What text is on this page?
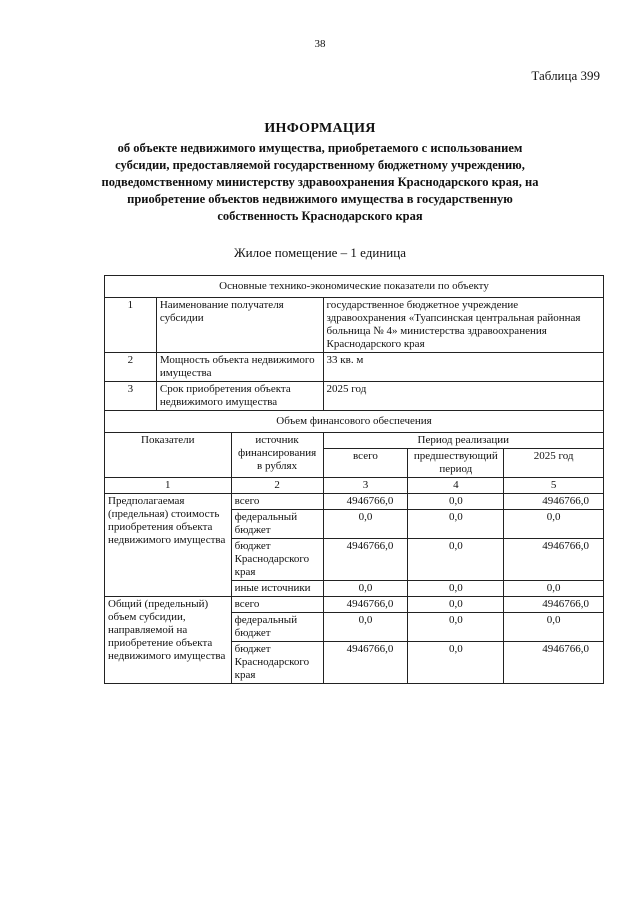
38
Таблица 399
ИНФОРМАЦИЯ
об объекте недвижимого имущества, приобретаемого с использованием субсидии, предоставляемой государственному бюджетному учреждению, подведомственному министерству здравоохранения Краснодарского края, на приобретение объектов недвижимого имущества в государственную собственность Краснодарского края
Жилое помещение – 1 единица
Основные технико-экономические показатели по объекту					
1	Наименование получателя субсидии		государственное бюджетное учреждение здравоохранения «Туапсинская центральная районная больница № 4» министерства здравоохранения Краснодарского края		
2	Мощность объекта недвижимого имущества		33 кв. м		
3	Срок приобретения объекта недвижимого имущества		2025 год		
Объем финансового обеспечения					
Показатели		источник финансирования в рублях	Период реализации		
			всего	предшествующий период	2025 год
1		2	3	4	5
Предполагаемая (предельная) стоимость приобретения объекта недвижимого имущества		всего	4946766,0	0,0	4946766,0
		федеральный бюджет	0,0	0,0	0,0
		бюджет Краснодарского края	4946766,0	0,0	4946766,0
		иные источники	0,0	0,0	0,0
Общий (предельный) объем субсидии, направляемой на приобретение объекта недвижимого имущества		всего	4946766,0	0,0	4946766,0
		федеральный бюджет	0,0	0,0	0,0
		бюджет Краснодарского края	4946766,0	0,0	4946766,0
